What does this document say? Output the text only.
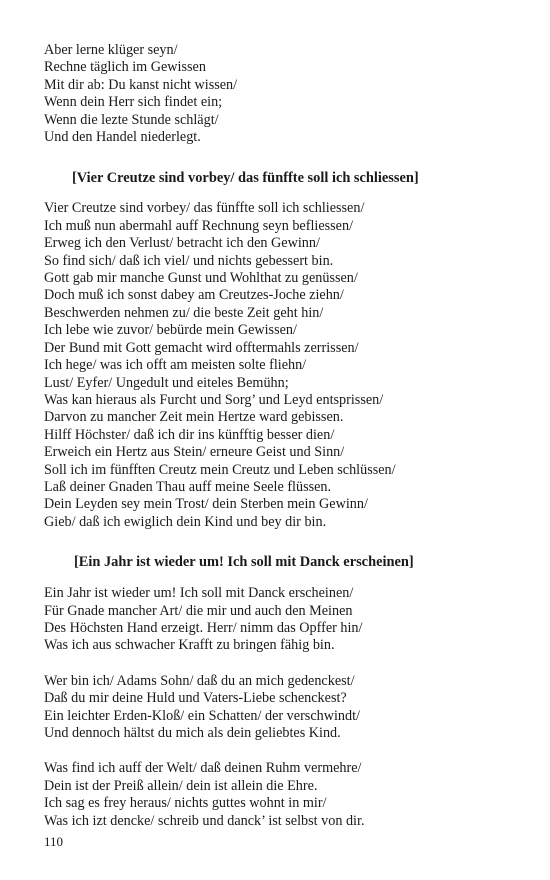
Aber lerne klüger seyn/
Rechne täglich im Gewissen
Mit dir ab: Du kanst nicht wissen/
Wenn dein Herr sich findet ein;
Wenn die lezte Stunde schlägt/
Und den Handel niederlegt.
[Vier Creutze sind vorbey/ das fünffte soll ich schliessen]
Vier Creutze sind vorbey/ das fünffte soll ich schliessen/
Ich muß nun abermahl auff Rechnung seyn befliessen/
Erweg ich den Verlust/ betracht ich den Gewinn/
So find sich/ daß ich viel/ und nichts gebessert bin.
Gott gab mir manche Gunst und Wohlthat zu genüssen/
Doch muß ich sonst dabey am Creutzes-Joche ziehn/
Beschwerden nehmen zu/ die beste Zeit geht hin/
Ich lebe wie zuvor/ bebürde mein Gewissen/
Der Bund mit Gott gemacht wird offtermahls zerrissen/
Ich hege/ was ich offt am meisten solte fliehn/
Lust/ Eyfer/ Ungedult und eiteles Bemühn;
Was kan hieraus als Furcht und Sorg’ und Leyd entsprissen/
Darvon zu mancher Zeit mein Hertze ward gebissen.
Hilff Höchster/ daß ich dir ins künfftig besser dien/
Erweich ein Hertz aus Stein/ erneure Geist und Sinn/
Soll ich im fünfften Creutz mein Creutz und Leben schlüssen/
Laß deiner Gnaden Thau auff meine Seele flüssen.
Dein Leyden sey mein Trost/ dein Sterben mein Gewinn/
Gieb/ daß ich ewiglich dein Kind und bey dir bin.
[Ein Jahr ist wieder um! Ich soll mit Danck erscheinen]
Ein Jahr ist wieder um! Ich soll mit Danck erscheinen/
Für Gnade mancher Art/ die mir und auch den Meinen
Des Höchsten Hand erzeigt. Herr/ nimm das Opffer hin/
Was ich aus schwacher Krafft zu bringen fähig bin.
Wer bin ich/ Adams Sohn/ daß du an mich gedenckest/
Daß du mir deine Huld und Vaters-Liebe schenckest?
Ein leichter Erden-Kloß/ ein Schatten/ der verschwindt/
Und dennoch hältst du mich als dein geliebtes Kind.
Was find ich auff der Welt/ daß deinen Ruhm vermehre/
Dein ist der Preiß allein/ dein ist allein die Ehre.
Ich sag es frey heraus/ nichts guttes wohnt in mir/
Was ich izt dencke/ schreib und danck’ ist selbst von dir.
110
